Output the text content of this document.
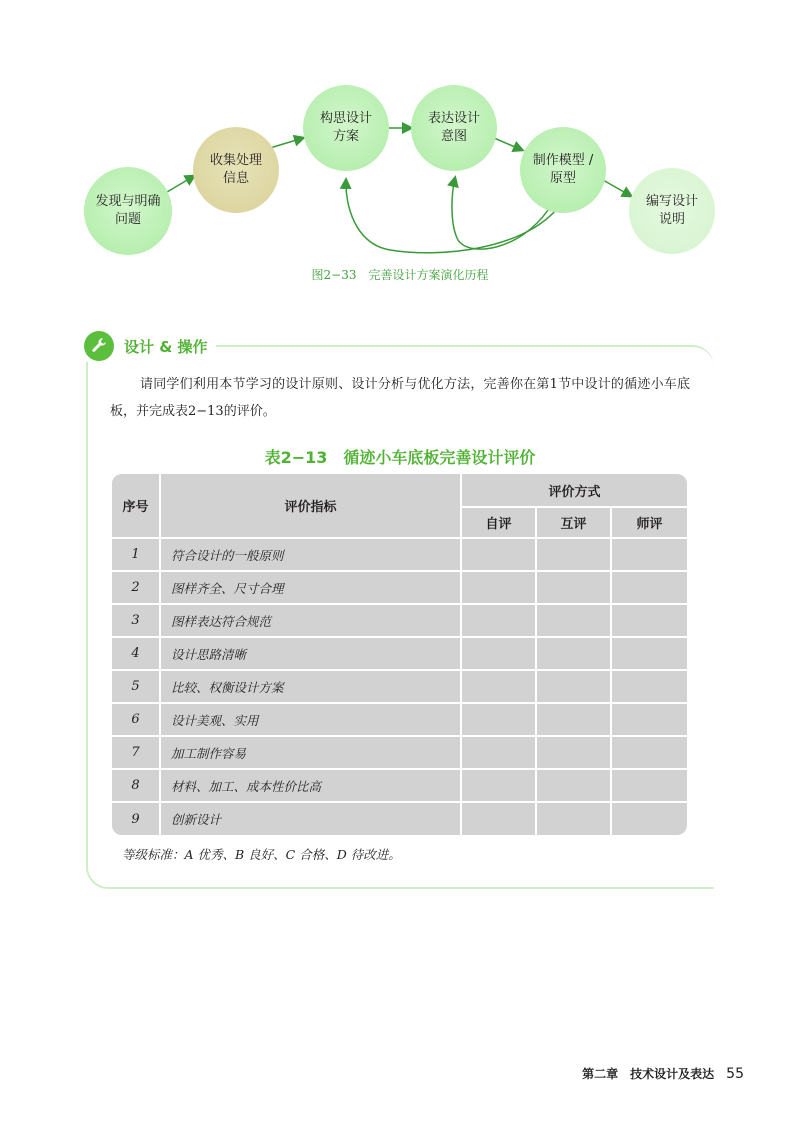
发现与明确
问题
收集处理
信息
构思设计
方案
表达设计
意图
制作模型 /
原型
编写设计
说明
图2−33　完善设计方案演化历程
设计 & 操作
请同学们利用本节学习的设计原则、设计分析与优化方法，完善你在第1节中设计的循迹小车底板，并完成表2−13的评价。
表2−13　循迹小车底板完善设计评价
序号	评价指标
评价方式
自评	互评	师评
1	符合设计的一般原则
2	图样齐全、尺寸合理
3	图样表达符合规范
4	设计思路清晰
5	比较、权衡设计方案
6	设计美观、实用
7	加工制作容易
8	材料、加工、成本性价比高
9	创新设计
等级标准：A 优秀、B 良好、C 合格、D 待改进。
第二章　技术设计及表达 55
